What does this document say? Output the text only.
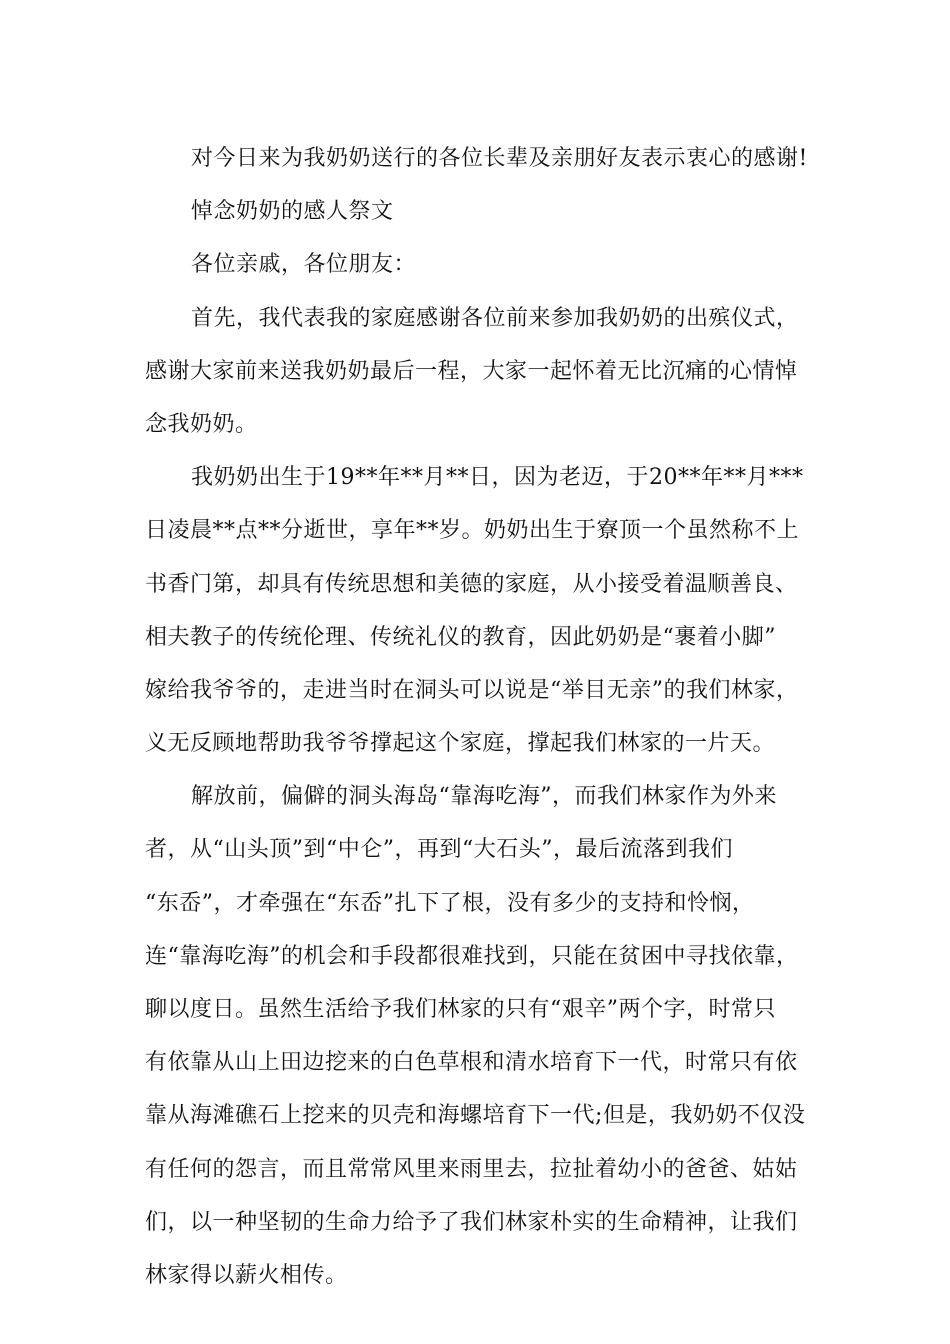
对今日来为我奶奶送行的各位长辈及亲朋好友表示衷心的感谢!
悼念奶奶的感人祭文
各位亲戚，各位朋友：
首先，我代表我的家庭感谢各位前来参加我奶奶的出殡仪式，
感谢大家前来送我奶奶最后一程，大家一起怀着无比沉痛的心情悼
念我奶奶。
我奶奶出生于19**年**月**日，因为老迈，于20**年**月***
日凌晨**点**分逝世，享年**岁。奶奶出生于寮顶一个虽然称不上
书香门第，却具有传统思想和美德的家庭，从小接受着温顺善良、
相夫教子的传统伦理、传统礼仪的教育，因此奶奶是“裹着小脚”
嫁给我爷爷的，走进当时在洞头可以说是“举目无亲”的我们林家，
义无反顾地帮助我爷爷撑起这个家庭，撑起我们林家的一片天。
解放前，偏僻的洞头海岛“靠海吃海”，而我们林家作为外来
者，从“山头顶”到“中仑”，再到“大石头”，最后流落到我们
“东岙”，才牵强在“东岙”扎下了根，没有多少的支持和怜悯，
连“靠海吃海”的机会和手段都很难找到，只能在贫困中寻找依靠，
聊以度日。虽然生活给予我们林家的只有“艰辛”两个字，时常只
有依靠从山上田边挖来的白色草根和清水培育下一代，时常只有依
靠从海滩礁石上挖来的贝壳和海螺培育下一代;但是，我奶奶不仅没
有任何的怨言，而且常常风里来雨里去，拉扯着幼小的爸爸、姑姑
们，以一种坚韧的生命力给予了我们林家朴实的生命精神，让我们
林家得以薪火相传。
